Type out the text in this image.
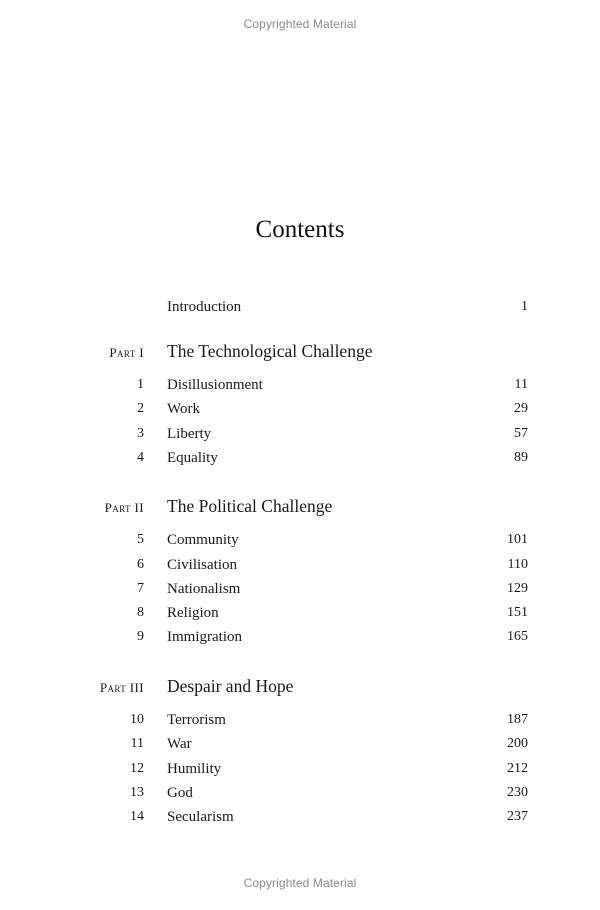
Copyrighted Material
Contents
Introduction	1
Part I The Technological Challenge
1 Disillusionment	11
2 Work	29
3 Liberty	57
4 Equality	89
Part II The Political Challenge
5 Community	101
6 Civilisation	110
7 Nationalism	129
8 Religion	151
9 Immigration	165
Part III Despair and Hope
10 Terrorism	187
11 War	200
12 Humility	212
13 God	230
14 Secularism	237
Copyrighted Material
